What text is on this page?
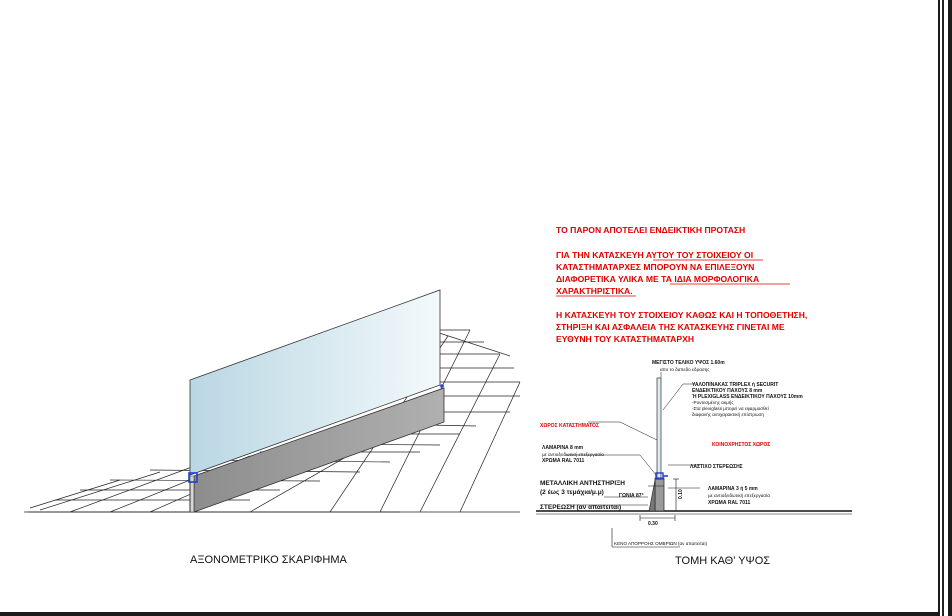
ΤΟ ΠΑΡΟΝ ΑΠΟΤΕΛΕΙ ΕΝΔΕΙΚΤΙΚΗ ΠΡΟΤΑΣΗ
ΓΙΑ ΤΗΝ ΚΑΤΑΣΚΕΥΗ ΑΥΤΟΥ ΤΟΥ ΣΤΟΙΧΕΙΟΥ ΟΙ
ΚΑΤΑΣΤΗΜΑΤΑΡΧΕΣ ΜΠΟΡΟΥΝ ΝΑ ΕΠΙΛΕΞΟΥΝ
ΔΙΑΦΟΡΕΤΙΚΑ ΥΛΙΚΑ ΜΕ ΤΑ ΙΔΙΑ ΜΟΡΦΟΛΟΓΙΚΑ
ΧΑΡΑΚΤΗΡΙΣΤΙΚΑ.
Η ΚΑΤΑΣΚΕΥΗ ΤΟΥ ΣΤΟΙΧΕΙΟΥ ΚΑΘΩΣ ΚΑΙ Η ΤΟΠΟΘΕΤΗΣΗ,
ΣΤΗΡΙΞΗ ΚΑΙ ΑΣΦΑΛΕΙΑ ΤΗΣ ΚΑΤΑΣΚΕΥΗΣ ΓΙΝΕΤΑΙ ΜΕ
ΕΥΘΥΝΗ ΤΟΥ ΚΑΤΑΣΤΗΜΑΤΑΡΧΗ
0.10
0.30
ΚΕΝΟ ΑΠΟΡΡΟΗΣ ΟΜΒΡΙΩΝ (αν απαιτειται)
ΜΕΓΙΣΤΟ ΤΕΛΙΚΟ ΥΨΟΣ 1.60m
απο το δαπεδο εδρασης
ΥΑΛΟΠΙΝΑΚΑΣ TRIPLEX ή SECURIT
ΕΝΔΕΙΚΤΙΚΟΥ ΠΑΧΟΥΣ 8 mm
Ή PLEXIGLASS ΕΝΔΕΙΚΤΙΚΟΥ ΠΑΧΟΥΣ 10mm
-Ροντεσμένης ακμής
-Στα plexiglass μπορεί να εφαρμοσθεί
διαφανής αντιχαρακτική επίστρωση
ΧΩΡΟΣ ΚΑΤΑΣΤΗΜΑΤΟΣ
ΚΟΙΝΟΧΡΗΣΤΟΣ ΧΩΡΟΣ
ΛΑΜΑΡΙΝΑ 8 mm
με αντιοξειδωτική επεξεργασία
ΧΡΩΜΑ RAL 7011
ΛΑΣΤΙΧΟ ΣΤΕΡΕΩΣΗΣ
ΛΑΜΑΡΙΝΑ 3 ή 5 mm
με αντιοξειδωτική επεξεργασία
ΧΡΩΜΑ RAL 7011
ΜΕΤΑΛΛΙΚΗ ΑΝΤΗΣΤΗΡΙΞΗ
(2 έως 3 τεμάχια/μ.μ)	ΓΩΝΙΑ 87°
ΣΤΕΡΕΩΣΗ (αν απαιτειται)
ΑΞΟΝΟΜΕΤΡΙΚΟ ΣΚΑΡΙΦΗΜΑ	ΤΟΜΗ ΚΑΘ' ΥΨΟΣ
